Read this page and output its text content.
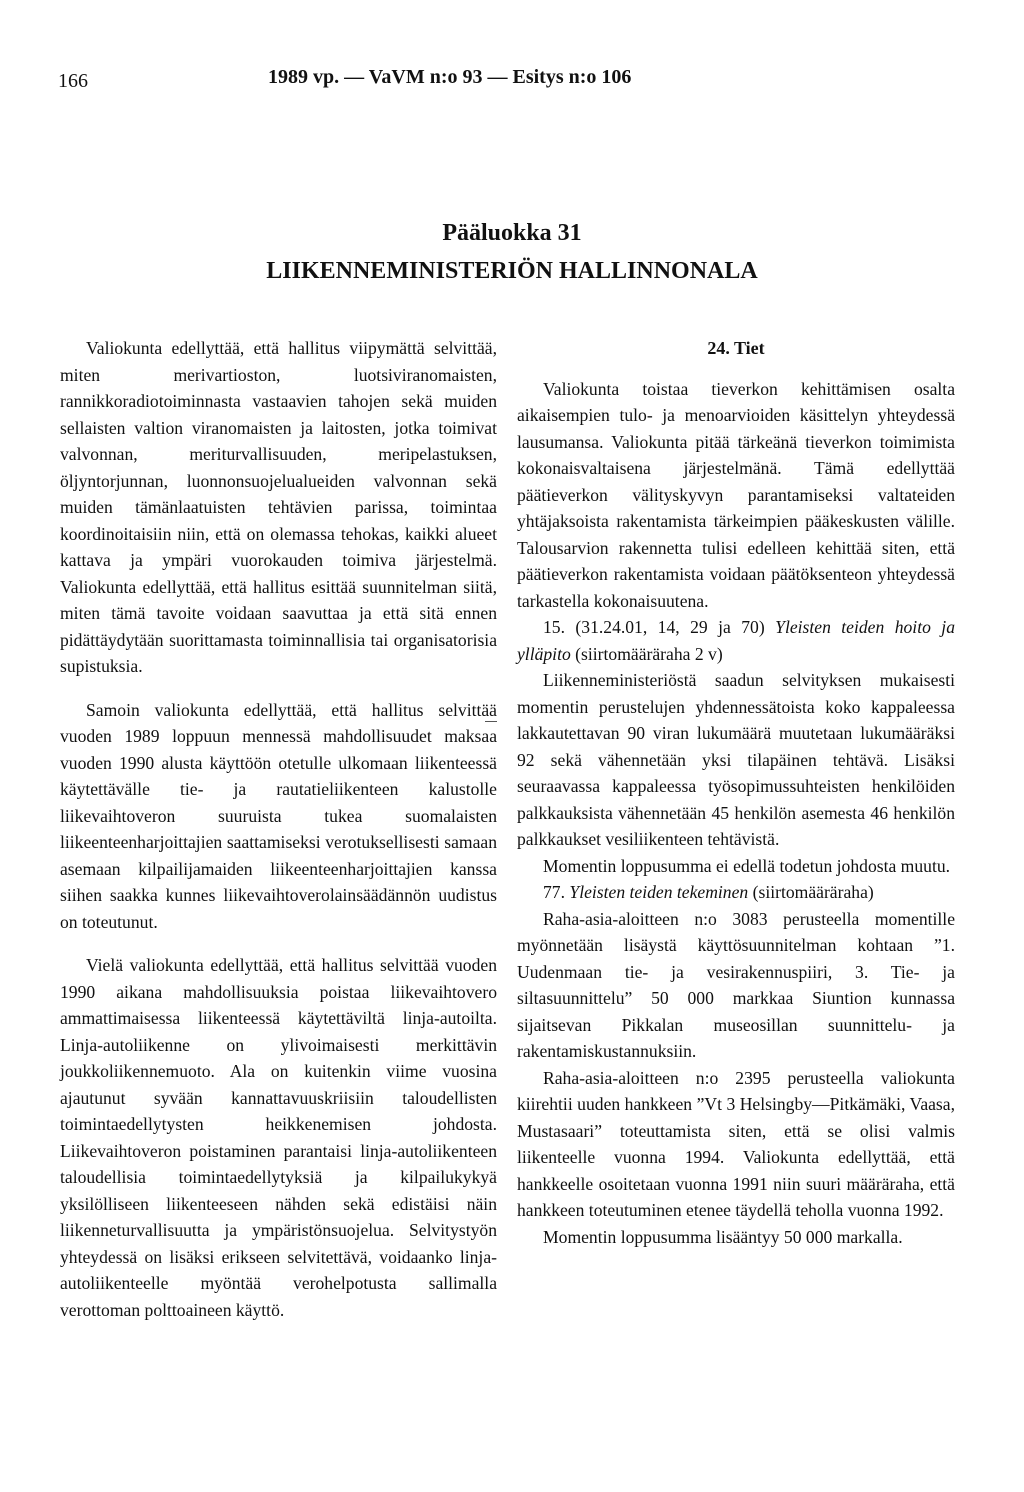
166	1989 vp. — VaVM n:o 93 — Esitys n:o 106
Pääluokka 31
LIIKENNEMINISTERIÖN HALLINNONALA

Valiokunta edellyttää, että hallitus viipymättä selvittää, miten merivartioston, luotsiviranomaisten, rannikkoradiotoiminnasta vastaavien tahojen sekä muiden sellaisten valtion viranomaisten ja laitosten, jotka toimivat valvonnan, meriturvallisuuden, meripelastuksen, öljyntorjunnan, luonnonsuojelualueiden valvonnan sekä muiden tämänlaatuisten tehtävien parissa, toimintaa koordinoitaisiin niin, että on olemassa tehokas, kaikki alueet kattava ja ympäri vuorokauden toimiva järjestelmä. Valiokunta edellyttää, että hallitus esittää suunnitelman siitä, miten tämä tavoite voidaan saavuttaa ja että sitä ennen pidättäydytään suorittamasta toiminnallisia tai organisatorisia supistuksia.

Samoin valiokunta edellyttää, että hallitus selvittää vuoden 1989 loppuun mennessä mahdollisuudet maksaa vuoden 1990 alusta käyttöön otetulle ulkomaan liikenteessä käytettävälle tie- ja rautatieliikenteen kalustolle liikevaihtoveron suuruista tukea suomalaisten liikeenteenharjoittajien saattamiseksi verotuksellisesti samaan asemaan kilpailijamaiden liikeenteenharjoittajien kanssa siihen saakka kunnes liikevaihtoverolainsäädännön uudistus on toteutunut.

Vielä valiokunta edellyttää, että hallitus selvittää vuoden 1990 aikana mahdollisuuksia poistaa liikevaihtovero ammattimaisessa liikenteessä käytettäviltä linja-autoilta. Linja-autoliikenne on ylivoimaisesti merkittävin joukkoliikennemuoto. Ala on kuitenkin viime vuosina ajautunut syvään kannattavuuskriisiin taloudellisten toimintaedellytysten heikkenemisen johdosta. Liikevaihtoveron poistaminen parantaisi linja-autoliikenteen taloudellisia toimintaedellytyksiä ja kilpailukykyä yksilölliseen liikenteeseen nähden sekä edistäisi näin liikenneturvallisuutta ja ympäristönsuojelua. Selvitystyön yhteydessä on lisäksi erikseen selvitettävä, voidaanko linja-autoliikenteelle myöntää verohelpotusta sallimalla verottoman polttoaineen käyttö.

24. Tiet

Valiokunta toistaa tieverkon kehittämisen osalta aikaisempien tulo- ja menoarvioiden käsittelyn yhteydessä lausumansa. Valiokunta pitää tärkeänä tieverkon toimimista kokonaisvaltaisena järjestelmänä. Tämä edellyttää päätieverkon välityskyvyn parantamiseksi valtateiden yhtäjaksoista rakentamista tärkeimpien pääkeskusten välille. Talousarvion rakennetta tulisi edelleen kehittää siten, että päätieverkon rakentamista voidaan päätöksenteon yhteydessä tarkastella kokonaisuutena.

15. (31.24.01, 14, 29 ja 70) Yleisten teiden hoito ja ylläpito (siirtomääräraha 2 v)

Liikenneministeriöstä saadun selvityksen mukaisesti momentin perustelujen yhdennessätoista koko kappaleessa lakkautettavan 90 viran lukumäärä muutetaan lukumääräksi 92 sekä vähennetään yksi tilapäinen tehtävä. Lisäksi seuraavassa kappaleessa työsopimussuhteisten henkilöiden palkkauksista vähennetään 45 henkilön asemesta 46 henkilön palkkaukset vesiliikenteen tehtävistä.

Momentin loppusumma ei edellä todetun johdosta muutu.

77. Yleisten teiden tekeminen (siirtomääräraha)

Raha-asia-aloitteen n:o 3083 perusteella momentille myönnetään lisäystä käyttösuunnitelman kohtaan ”1. Uudenmaan tie- ja vesirakennuspiiri, 3. Tie- ja siltasuunnittelu” 50 000 markkaa Siuntion kunnassa sijaitsevan Pikkalan museosillan suunnittelu- ja rakentamiskustannuksiin.

Raha-asia-aloitteen n:o 2395 perusteella valiokunta kiirehtii uuden hankkeen ”Vt 3 Helsingby—Pitkämäki, Vaasa, Mustasaari” toteuttamista siten, että se olisi valmis liikenteelle vuonna 1994. Valiokunta edellyttää, että hankkeelle osoitetaan vuonna 1991 niin suuri määräraha, että hankkeen toteutuminen etenee täydellä teholla vuonna 1992.

Momentin loppusumma lisääntyy 50 000 markalla.
